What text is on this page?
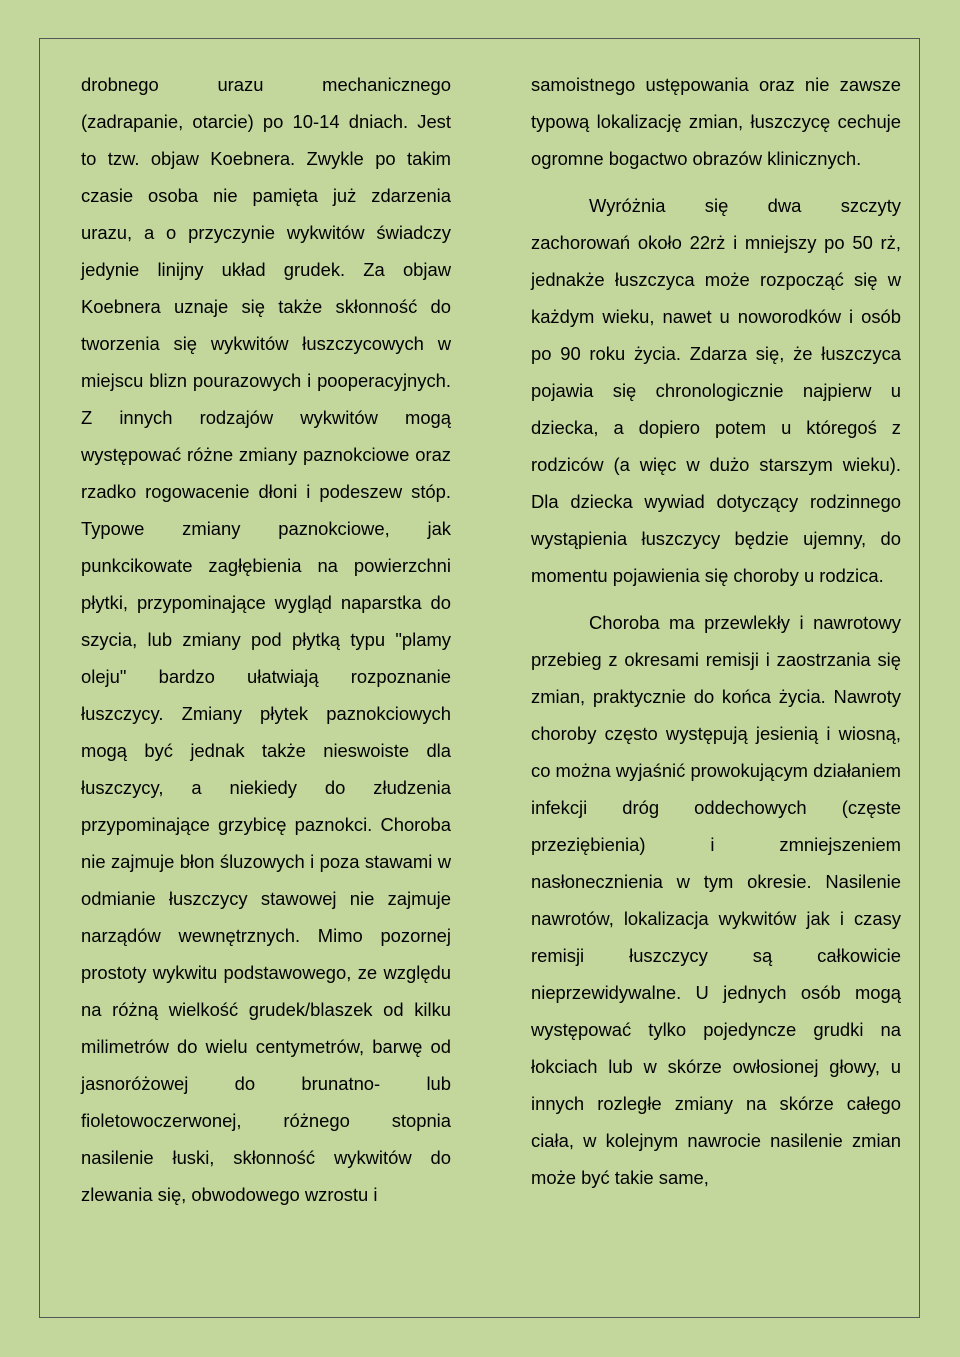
drobnego urazu mechanicznego (zadrapanie, otarcie) po 10-14 dniach. Jest to tzw. objaw Koebnera. Zwykle po takim czasie osoba nie pamięta już zdarzenia urazu, a o przyczynie wykwitów świadczy jedynie linijny układ grudek. Za objaw Koebnera uznaje się także skłonność do tworzenia się wykwitów łuszczycowych w miejscu blizn pourazowych i pooperacyjnych. Z innych rodzajów wykwitów mogą występować różne zmiany paznokciowe oraz rzadko rogowacenie dłoni i podeszew stóp. Typowe zmiany paznokciowe, jak punkcikowate zagłębienia na powierzchni płytki, przypominające wygląd naparstka do szycia, lub zmiany pod płytką typu "plamy oleju" bardzo ułatwiają rozpoznanie łuszczycy. Zmiany płytek paznokciowych mogą być jednak także nieswoiste dla łuszczycy, a niekiedy do złudzenia przypominające grzybicę paznokci. Choroba nie zajmuje błon śluzowych i poza stawami w odmianie łuszczycy stawowej nie zajmuje narządów wewnętrznych. Mimo pozornej prostoty wykwitu podstawowego, ze względu na różną wielkość grudek/blaszek od kilku milimetrów do wielu centymetrów, barwę od jasnoróżowej do brunatno- lub fioletowoczerwonej, różnego stopnia nasilenie łuski, skłonność wykwitów do zlewania się, obwodowego wzrostu i

samoistnego ustępowania oraz nie zawsze typową lokalizację zmian, łuszczycę cechuje ogromne bogactwo obrazów klinicznych.

Wyróżnia się dwa szczyty zachorowań około 22rż i mniejszy po 50 rż, jednakże łuszczyca może rozpocząć się w każdym wieku, nawet u noworodków i osób po 90 roku życia. Zdarza się, że łuszczyca pojawia się chronologicznie najpierw u dziecka, a dopiero potem u któregoś z rodziców (a więc w dużo starszym wieku). Dla dziecka wywiad dotyczący rodzinnego wystąpienia łuszczycy będzie ujemny, do momentu pojawienia się choroby u rodzica.

Choroba ma przewlekły i nawrotowy przebieg z okresami remisji i zaostrzania się zmian, praktycznie do końca życia. Nawroty choroby często występują jesienią i wiosną, co można wyjaśnić prowokującym działaniem infekcji dróg oddechowych (częste przeziębienia) i zmniejszeniem nasłonecznienia w tym okresie. Nasilenie nawrotów, lokalizacja wykwitów jak i czasy remisji łuszczycy są całkowicie nieprzewidywalne. U jednych osób mogą występować tylko pojedyncze grudki na łokciach lub w skórze owłosionej głowy, u innych rozległe zmiany na skórze całego ciała, w kolejnym nawrocie nasilenie zmian może być takie same,
